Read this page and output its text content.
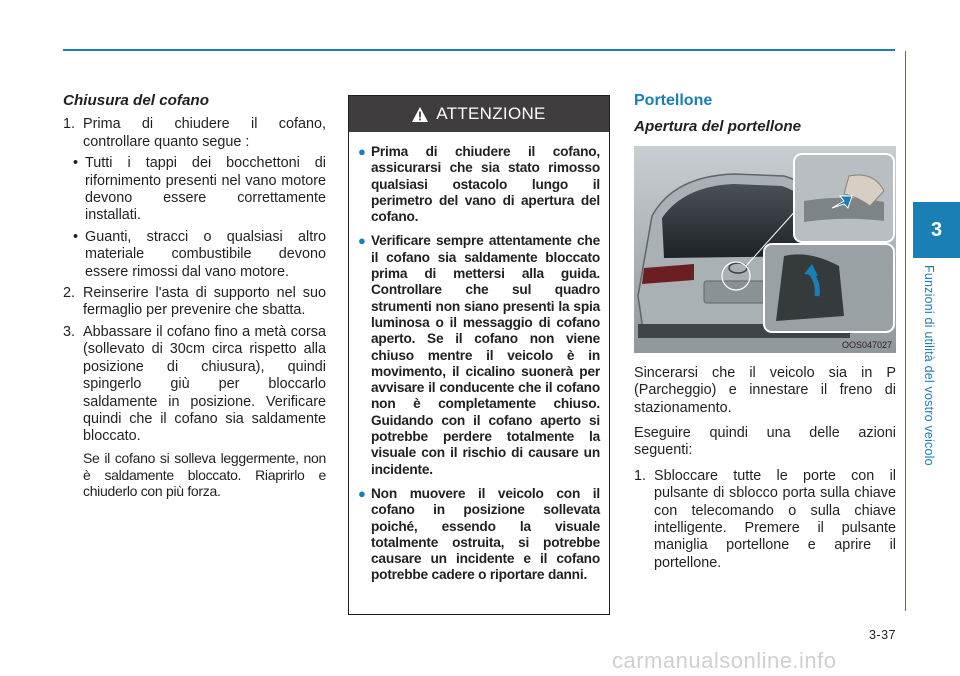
3
Funzioni di utilità del vostro veicolo
Chiusura del cofano
1. Prima di chiudere il cofano, controllare quanto segue :
• Tutti i tappi dei bocchettoni di rifornimento presenti nel vano motore devono essere correttamente installati.
• Guanti, stracci o qualsiasi altro materiale combustibile devono essere rimossi dal vano motore.
2. Reinserire l'asta di supporto nel suo fermaglio per prevenire che sbatta.
3. Abbassare il cofano fino a metà corsa (sollevato di 30cm circa rispetto alla posizione di chiusura), quindi spingerlo giù per bloccarlo saldamente in posizione. Verificare quindi che il cofano sia saldamente bloccato.

Se il cofano si solleva leggermente, non è saldamente bloccato. Riaprirlo e chiuderlo con più forza.

ATTENZIONE
● Prima di chiudere il cofano, assicurarsi che sia stato rimosso qualsiasi ostacolo lungo il perimetro del vano di apertura del cofano.
● Verificare sempre attentamente che il cofano sia saldamente bloccato prima di mettersi alla guida. Controllare che sul quadro strumenti non siano presenti la spia luminosa o il messaggio di cofano aperto. Se il cofano non viene chiuso mentre il veicolo è in movimento, il cicalino suonerà per avvisare il conducente che il cofano non è completamente chiuso. Guidando con il cofano aperto si potrebbe perdere totalmente la visuale con il rischio di causare un incidente.
● Non muovere il veicolo con il cofano in posizione sollevata poiché, essendo la visuale totalmente ostruita, si potrebbe causare un incidente e il cofano potrebbe cadere o riportare danni.
Portellone
Apertura del portellone
OOS047027

Sincerarsi che il veicolo sia in P (Parcheggio) e innestare il freno di stazionamento.

Eseguire quindi una delle azioni seguenti:

1. Sbloccare tutte le porte con il pulsante di sblocco porta sulla chiave con telecomando o sulla chiave intelligente. Premere il pulsante maniglia portellone e aprire il portellone.
3-37
carmanualsonline.info
